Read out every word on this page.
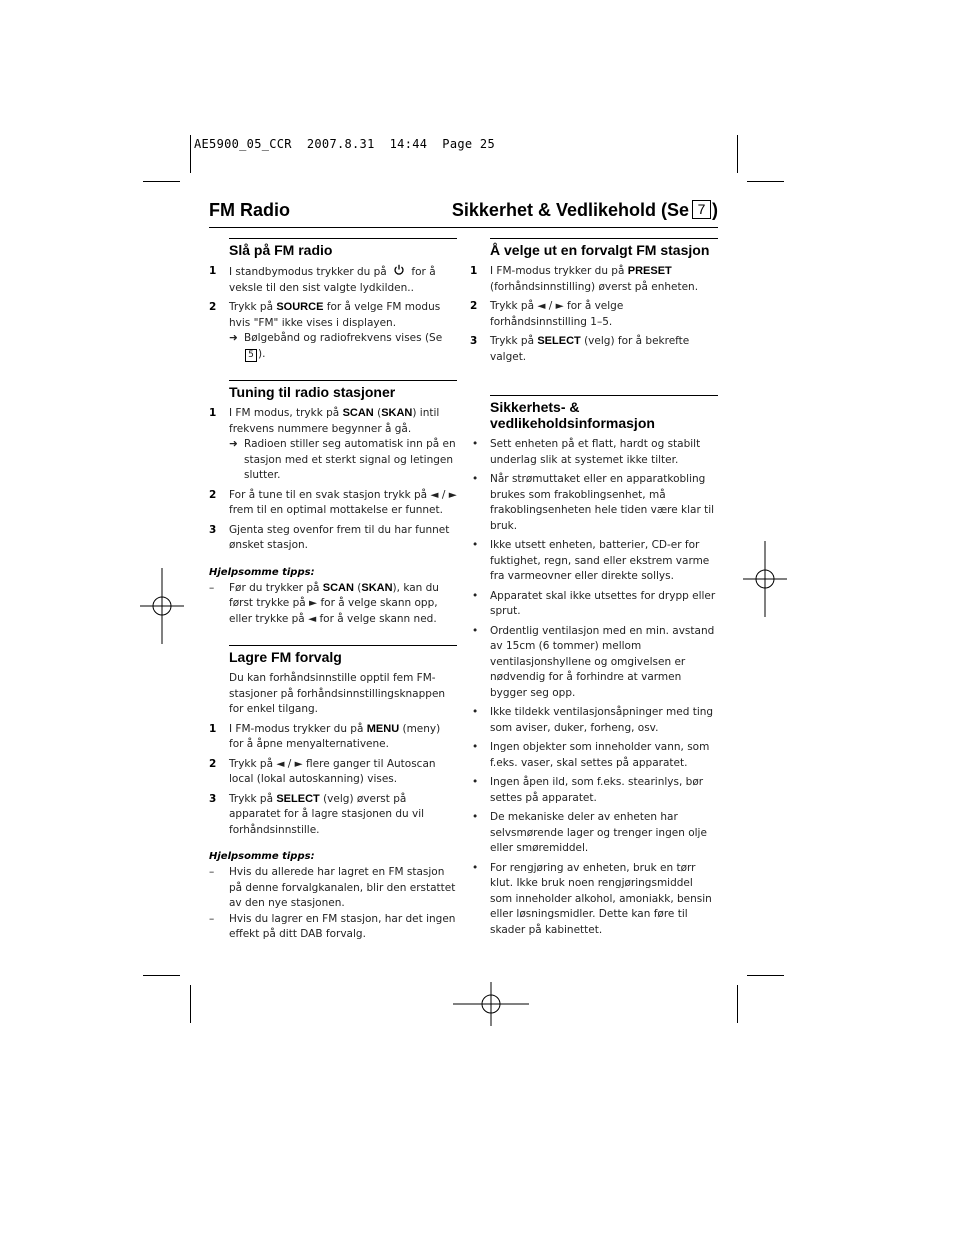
AE5900_05_CCR  2007.8.31  14:44  Page 25
FM Radio	Sikkerhet & Vedlikehold (Se 7 )
Slå på FM radio
1 I standbymodus trykker du på  for å veksle til den sist valgte lydkilden..
2 Trykk på SOURCE for å velge FM modus hvis "FM" ikke vises i displayen.
➜ Bølgebånd og radiofrekvens vises (Se 5 ).
Tuning til radio stasjoner
1 I FM modus, trykk på SCAN (SKAN) intil frekvens nummere begynner å gå.
➜ Radioen stiller seg automatisk inn på en stasjon med et sterkt signal og letingen slutter.
2 For å tune til en svak stasjon trykk på ◄ / ► frem til en optimal mottakelse er funnet.
3 Gjenta steg ovenfor frem til du har funnet ønsket stasjon.
Hjelpsomme tipps:
– Før du trykker på SCAN (SKAN), kan du først trykke på ► for å velge skann opp, eller trykke på ◄ for å velge skann ned.
Lagre FM forvalg
Du kan forhåndsinnstille opptil fem FM-stasjoner på forhåndsinnstillingsknappen for enkel tilgang.
1 I FM-modus trykker du på MENU (meny) for å åpne menyalternativene.
2 Trykk på ◄ / ► flere ganger til Autoscan local (lokal autoskanning) vises.
3 Trykk på SELECT (velg) øverst på apparatet for å lagre stasjonen du vil forhåndsinnstille.
Hjelpsomme tipps:
– Hvis du allerede har lagret en FM stasjon på denne forvalgkanalen, blir den erstattet av den nye stasjonen.
– Hvis du lagrer en FM stasjon, har det ingen effekt på ditt DAB forvalg.
Å velge ut en forvalgt FM stasjon
1 I FM-modus trykker du på PRESET (forhåndsinnstilling) øverst på enheten.
2 Trykk på ◄ / ► for å velge forhåndsinnstilling 1–5.
3 Trykk på SELECT (velg) for å bekrefte valget.
Sikkerhets- & vedlikeholdsinformasjon
• Sett enheten på et flatt, hardt og stabilt underlag slik at systemet ikke tilter.
• Når strømuttaket eller en apparatkobling brukes som frakoblingsenhet, må frakoblingsenheten hele tiden være klar til bruk.
• Ikke utsett enheten, batterier, CD-er for fuktighet, regn, sand eller ekstrem varme fra varmeovner eller direkte sollys.
• Apparatet skal ikke utsettes for drypp eller sprut.
• Ordentlig ventilasjon med en min. avstand av 15cm (6 tommer) mellom ventilasjonshyllene og omgivelsen er nødvendig for å forhindre at varmen bygger seg opp.
• Ikke tildekk ventilasjonsåpninger med ting som aviser, duker, forheng, osv.
• Ingen objekter som inneholder vann, som f.eks. vaser, skal settes på apparatet.
• Ingen åpen ild, som f.eks. stearinlys, bør settes på apparatet.
• De mekaniske deler av enheten har selvsmørende lager og trenger ingen olje eller smøremiddel.
• For rengjøring av enheten, bruk en tørr klut. Ikke bruk noen rengjøringsmiddel som inneholder alkohol, amoniakk, bensin eller løsningsmidler. Dette kan føre til skader på kabinettet.
